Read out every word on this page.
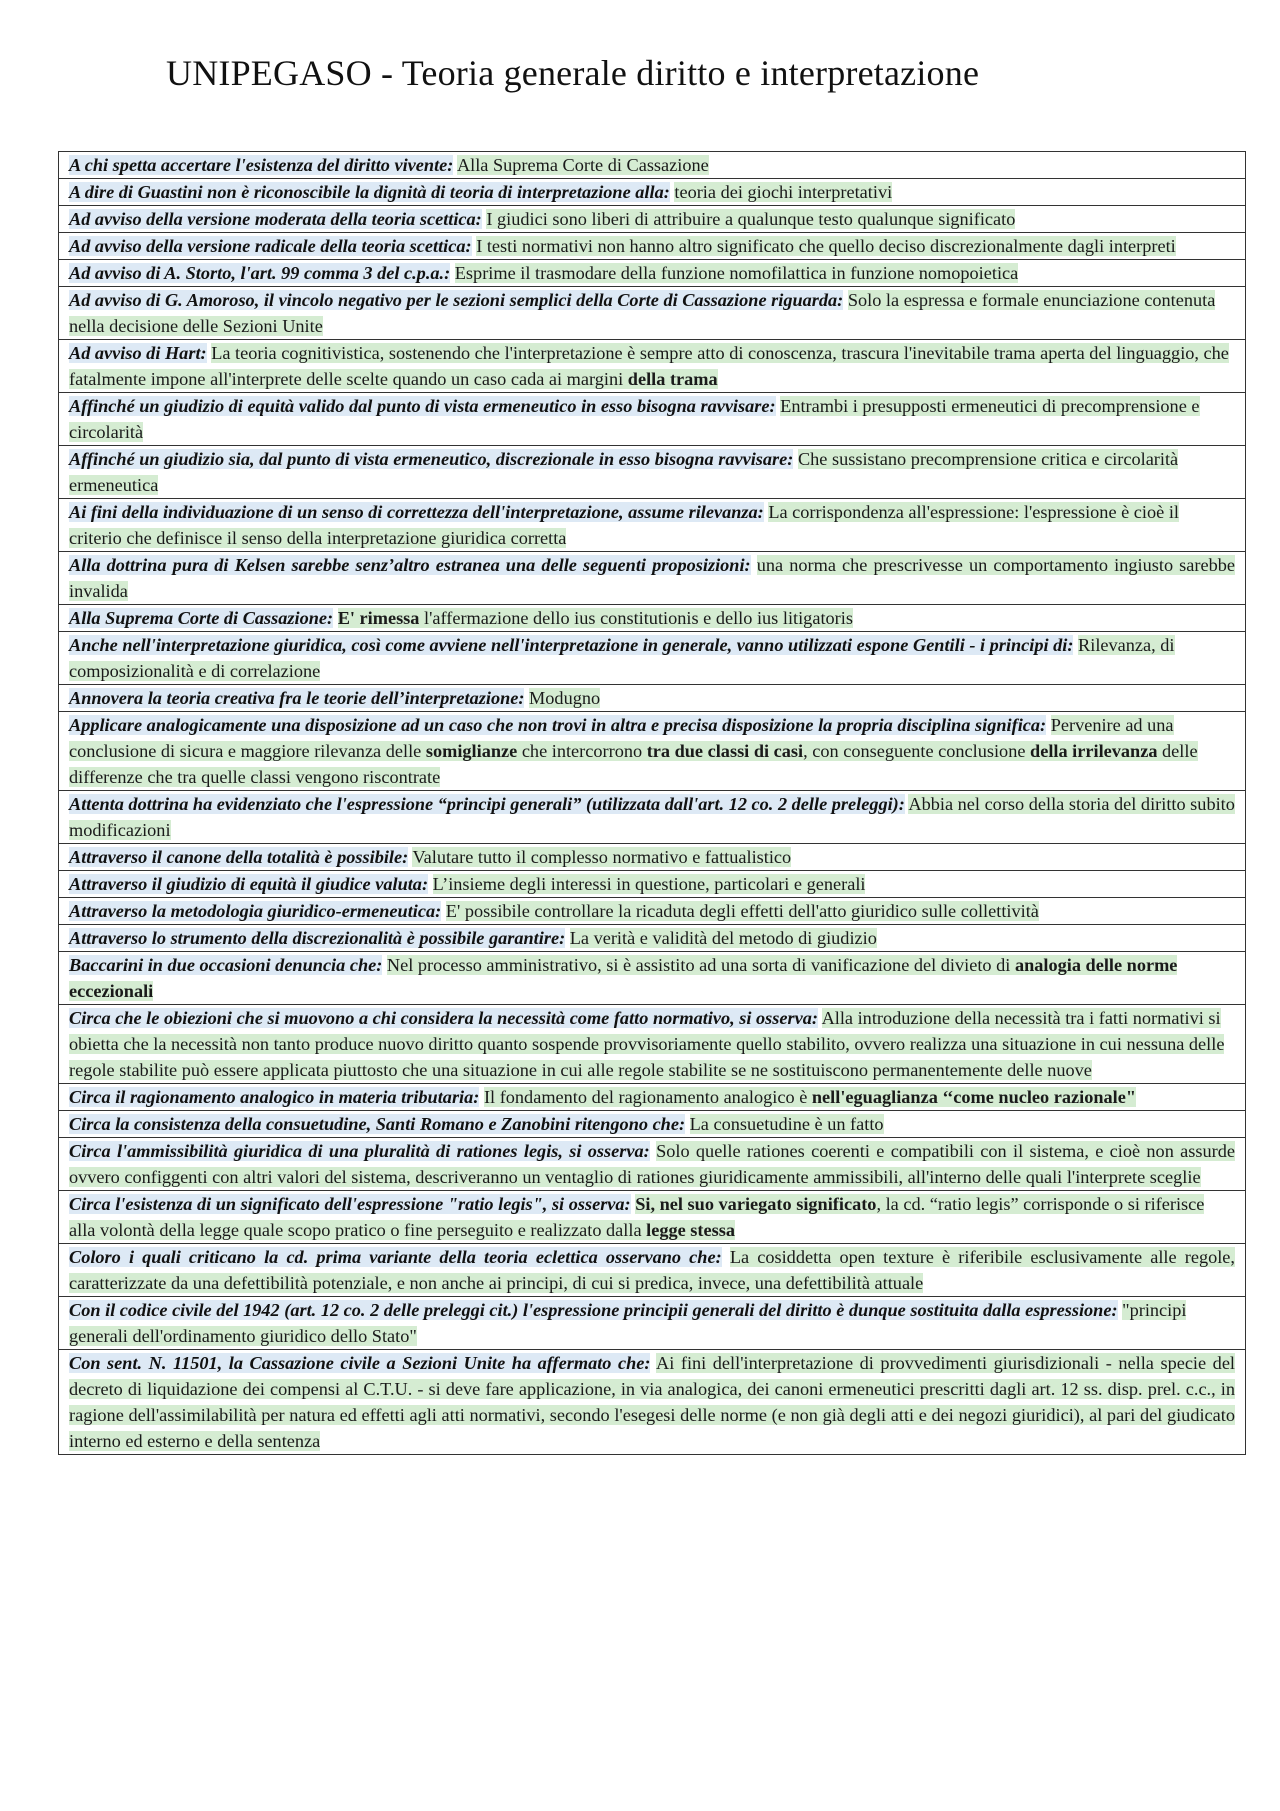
UNIPEGASO - Teoria generale diritto e interpretazione
A chi spetta accertare l'esistenza del diritto vivente: Alla Suprema Corte di Cassazione
A dire di Guastini non è riconoscibile la dignità di teoria di interpretazione alla: teoria dei giochi interpretativi
Ad avviso della versione moderata della teoria scettica: I giudici sono liberi di attribuire a qualunque testo qualunque significato
Ad avviso della versione radicale della teoria scettica: I testi normativi non hanno altro significato che quello deciso discrezionalmente dagli interpreti
Ad avviso di A. Storto, l'art. 99 comma 3 del c.p.a.: Esprime il trasmodare della funzione nomofilattica in funzione nomopoietica
Ad avviso di G. Amoroso, il vincolo negativo per le sezioni semplici della Corte di Cassazione riguarda: Solo la espressa e formale enunciazione contenuta nella decisione delle Sezioni Unite
Ad avviso di Hart: La teoria cognitivistica, sostenendo che l'interpretazione è sempre atto di conoscenza, trascura l'inevitabile trama aperta del linguaggio, che fatalmente impone all'interprete delle scelte quando un caso cada ai margini della trama
Affinché un giudizio di equità valido dal punto di vista ermeneutico in esso bisogna ravvisare: Entrambi i presupposti ermeneutici di precomprensione e circolarità
Affinché un giudizio sia, dal punto di vista ermeneutico, discrezionale in esso bisogna ravvisare: Che sussistano precomprensione critica e circolarità ermeneutica
Ai fini della individuazione di un senso di correttezza dell'interpretazione, assume rilevanza: La corrispondenza all'espressione: l'espressione è cioè il criterio che definisce il senso della interpretazione giuridica corretta
Alla dottrina pura di Kelsen sarebbe senz’altro estranea una delle seguenti proposizioni: una norma che prescrivesse un comportamento ingiusto sarebbe invalida
Alla Suprema Corte di Cassazione: E' rimessa l'affermazione dello ius constitutionis e dello ius litigatoris
Anche nell'interpretazione giuridica, così come avviene nell'interpretazione in generale, vanno utilizzati espone Gentili - i principi di: Rilevanza, di composizionalità e di correlazione
Annovera la teoria creativa fra le teorie dell’interpretazione: Modugno
Applicare analogicamente una disposizione ad un caso che non trovi in altra e precisa disposizione la propria disciplina significa: Pervenire ad una conclusione di sicura e maggiore rilevanza delle somiglianze che intercorrono tra due classi di casi, con conseguente conclusione della irrilevanza delle differenze che tra quelle classi vengono riscontrate
Attenta dottrina ha evidenziato che l'espressione “principi generali” (utilizzata dall'art. 12 co. 2 delle preleggi): Abbia nel corso della storia del diritto subito modificazioni
Attraverso il canone della totalità è possibile: Valutare tutto il complesso normativo e fattualistico
Attraverso il giudizio di equità il giudice valuta: L’insieme degli interessi in questione, particolari e generali
Attraverso la metodologia giuridico-ermeneutica: E' possibile controllare la ricaduta degli effetti dell'atto giuridico sulle collettività
Attraverso lo strumento della discrezionalità è possibile garantire: La verità e validità del metodo di giudizio
Baccarini in due occasioni denuncia che: Nel processo amministrativo, si è assistito ad una sorta di vanificazione del divieto di analogia delle norme eccezionali
Circa che le obiezioni che si muovono a chi considera la necessità come fatto normativo, si osserva: Alla introduzione della necessità tra i fatti normativi si obietta che la necessità non tanto produce nuovo diritto quanto sospende provvisoriamente quello stabilito, ovvero realizza una situazione in cui nessuna delle regole stabilite può essere applicata piuttosto che una situazione in cui alle regole stabilite se ne sostituiscono permanentemente delle nuove
Circa il ragionamento analogico in materia tributaria: Il fondamento del ragionamento analogico è nell'eguaglianza ‘‘come nucleo razionale"
Circa la consistenza della consuetudine, Santi Romano e Zanobini ritengono che: La consuetudine è un fatto
Circa l'ammissibilità giuridica di una pluralità di rationes legis, si osserva: Solo quelle rationes coerenti e compatibili con il sistema, e cioè non assurde ovvero configgenti con altri valori del sistema, descriveranno un ventaglio di rationes giuridicamente ammissibili, all'interno delle quali l'interprete sceglie
Circa l'esistenza di un significato dell'espressione "ratio legis", si osserva: Si, nel suo variegato significato, la cd. “ratio legis” corrisponde o si riferisce alla volontà della legge quale scopo pratico o fine perseguito e realizzato dalla legge stessa
Coloro i quali criticano la cd. prima variante della teoria eclettica osservano che: La cosiddetta open texture è riferibile esclusivamente alle regole, caratterizzate da una defettibilità potenziale, e non anche ai principi, di cui si predica, invece, una defettibilità attuale
Con il codice civile del 1942 (art. 12 co. 2 delle preleggi cit.) l'espressione principii generali del diritto è dunque sostituita dalla espressione: "principi generali dell'ordinamento giuridico dello Stato"
Con sent. N. 11501, la Cassazione civile a Sezioni Unite ha affermato che: Ai fini dell'interpretazione di provvedimenti giurisdizionali - nella specie del decreto di liquidazione dei compensi al C.T.U. - si deve fare applicazione, in via analogica, dei canoni ermeneutici prescritti dagli art. 12 ss. disp. prel. c.c., in ragione dell'assimilabilità per natura ed effetti agli atti normativi, secondo l'esegesi delle norme (e non già degli atti e dei negozi giuridici), al pari del giudicato interno ed esterno e della sentenza
